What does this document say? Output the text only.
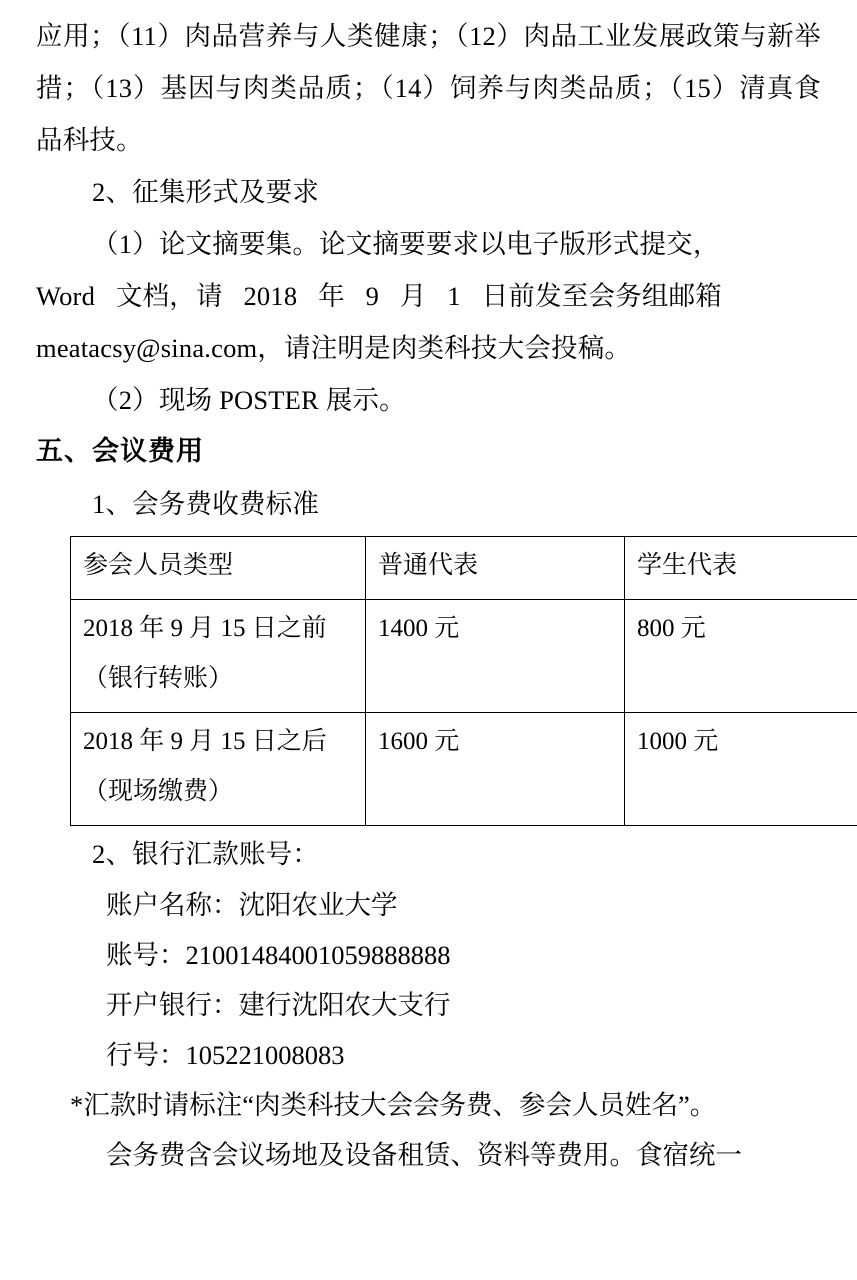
应用；（11）肉品营养与人类健康；（12）肉品工业发展政策与新举措；（13）基因与肉类品质；（14）饲养与肉类品质；（15）清真食品科技。

2、征集形式及要求

（1）论文摘要集。论文摘要要求以电子版形式提交，

Word 文档，请 2018 年 9 月 1 日前发至会务组邮箱

meatacsy@sina.com，请注明是肉类科技大会投稿。

（2）现场 POSTER 展示。

五、会议费用

1、会务费收费标准

参会人员类型	普通代表	学生代表

2018 年 9 月 15 日之前
（银行转账）	1400 元	800 元

2018 年 9 月 15 日之后
（现场缴费）	1600 元	1000 元

2、银行汇款账号：

账户名称：沈阳农业大学

账号：21001484001059888888

开户银行：建行沈阳农大支行

行号：105221008083

*汇款时请标注“肉类科技大会会务费、参会人员姓名”。

会务费含会议场地及设备租赁、资料等费用。食宿统一
